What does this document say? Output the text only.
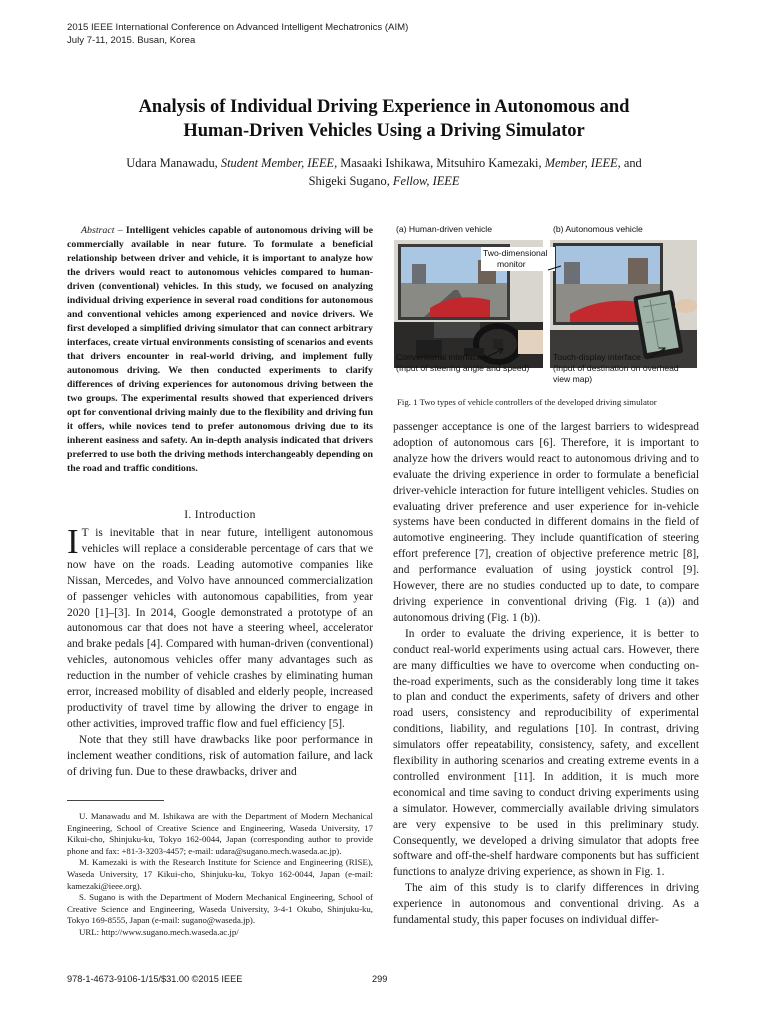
2015 IEEE International Conference on Advanced Intelligent Mechatronics (AIM)
July 7-11, 2015. Busan, Korea
Analysis of Individual Driving Experience in Autonomous and
Human-Driven Vehicles Using a Driving Simulator
Udara Manawadu, Student Member, IEEE, Masaaki Ishikawa, Mitsuhiro Kamezaki, Member, IEEE, and
Shigeki Sugano, Fellow, IEEE
Abstract – Intelligent vehicles capable of autonomous driving will be commercially available in near future. To formulate a beneficial relationship between driver and vehicle, it is important to analyze how the drivers would react to autonomous vehicles compared to human-driven (conventional) vehicles. In this study, we focused on analyzing individual driving experience in several road conditions for autonomous and conventional vehicles among experienced and novice drivers. We first developed a simplified driving simulator that can connect arbitrary interfaces, create virtual environments consisting of scenarios and events that drivers encounter in real-world driving, and implement fully autonomous driving. We then conducted experiments to clarify differences of driving experiences for autonomous driving between the two groups. The experimental results showed that experienced drivers opt for conventional driving mainly due to the flexibility and driving fun it offers, while novices tend to prefer autonomous driving due to its inherent easiness and safety. An in-depth analysis indicated that drivers preferred to use both the driving methods interchangeably depending on the road and traffic conditions.
I. Introduction

I T is inevitable that in near future, intelligent autonomous vehicles will replace a considerable percentage of cars that we now have on the roads. Leading automotive companies like Nissan, Mercedes, and Volvo have announced commercialization of passenger vehicles with autonomous capabilities, from year 2020 [1]–[3]. In 2014, Google demonstrated a prototype of an autonomous car that does not have a steering wheel, accelerator and brake pedals [4]. Compared with human-driven (conventional) vehicles, autonomous vehicles offer many advantages such as reduction in the number of vehicle crashes by eliminating human error, increased mobility of disabled and elderly people, increased productivity of travel time by allowing the driver to engage in other activities, improved traffic flow and fuel efficiency [5].

Note that they still have drawbacks like poor performance in inclement weather conditions, risk of automation failure, and lack of driving fun. Due to these drawbacks, driver and

U. Manawadu and M. Ishikawa are with the Department of Modern Mechanical Engineering, School of Creative Science and Engineering, Waseda University, 17 Kikui-cho, Shinjuku-ku, Tokyo 162-0044, Japan (corresponding author to provide phone and fax: +81-3-3203-4457; e-mail: udara@sugano.mech.waseda.ac.jp).

M. Kamezaki is with the Research Institute for Science and Engineering (RISE), Waseda University, 17 Kikui-cho, Shinjuku-ku, Tokyo 162-0044, Japan (e-mail: kamezaki@ieee.org).

S. Sugano is with the Department of Modern Mechanical Engineering, School of Creative Science and Engineering, Waseda University, 3-4-1 Okubo, Shinjuku-ku, Tokyo 169-8555, Japan (e-mail: sugano@waseda.jp).

URL: http://www.sugano.mech.waseda.ac.jp/

(a) Human-driven vehicle	(b) Autonomous vehicle
Two-dimensional
monitor
Conventional interface
(Input of steering angle and speed)
Touch-display interface
(Input of destination on overhead
view map)
Fig. 1 Two types of vehicle controllers of the developed driving simulator

passenger acceptance is one of the largest barriers to widespread adoption of autonomous cars [6]. Therefore, it is important to analyze how the drivers would react to autonomous driving and to evaluate the driving experience in order to formulate a beneficial driver-vehicle interaction for future intelligent vehicles. Studies on evaluating driver preference and user experience for in-vehicle systems have been conducted in different domains in the field of automotive engineering. They include quantification of steering effort preference [7], creation of objective preference metric [8], and performance evaluation of using joystick control [9]. However, there are no studies conducted up to date, to compare driving experience in conventional driving (Fig. 1 (a)) and autonomous driving (Fig. 1 (b)).

In order to evaluate the driving experience, it is better to conduct real-world experiments using actual cars. However, there are many difficulties we have to overcome when conducting on-the-road experiments, such as the considerably long time it takes to plan and conduct the experiments, safety of drivers and other road users, consistency and reproducibility of experimental conditions, liability, and regulations [10]. In contrast, driving simulators offer repeatability, consistency, safety, and excellent flexibility in authoring scenarios and creating extreme events in a controlled environment [11]. In addition, it is much more economical and time saving to conduct driving experiments using a simulator. However, commercially available driving simulators are very expensive to be used in this preliminary study. Consequently, we developed a driving simulator that adopts free software and off-the-shelf hardware components but has sufficient functions to analyze driving experience, as shown in Fig. 1.

The aim of this study is to clarify differences in driving experience in autonomous and conventional driving. As a fundamental study, this paper focuses on individual differ-

978-1-4673-9106-1/15/$31.00 ©2015 IEEE	299
